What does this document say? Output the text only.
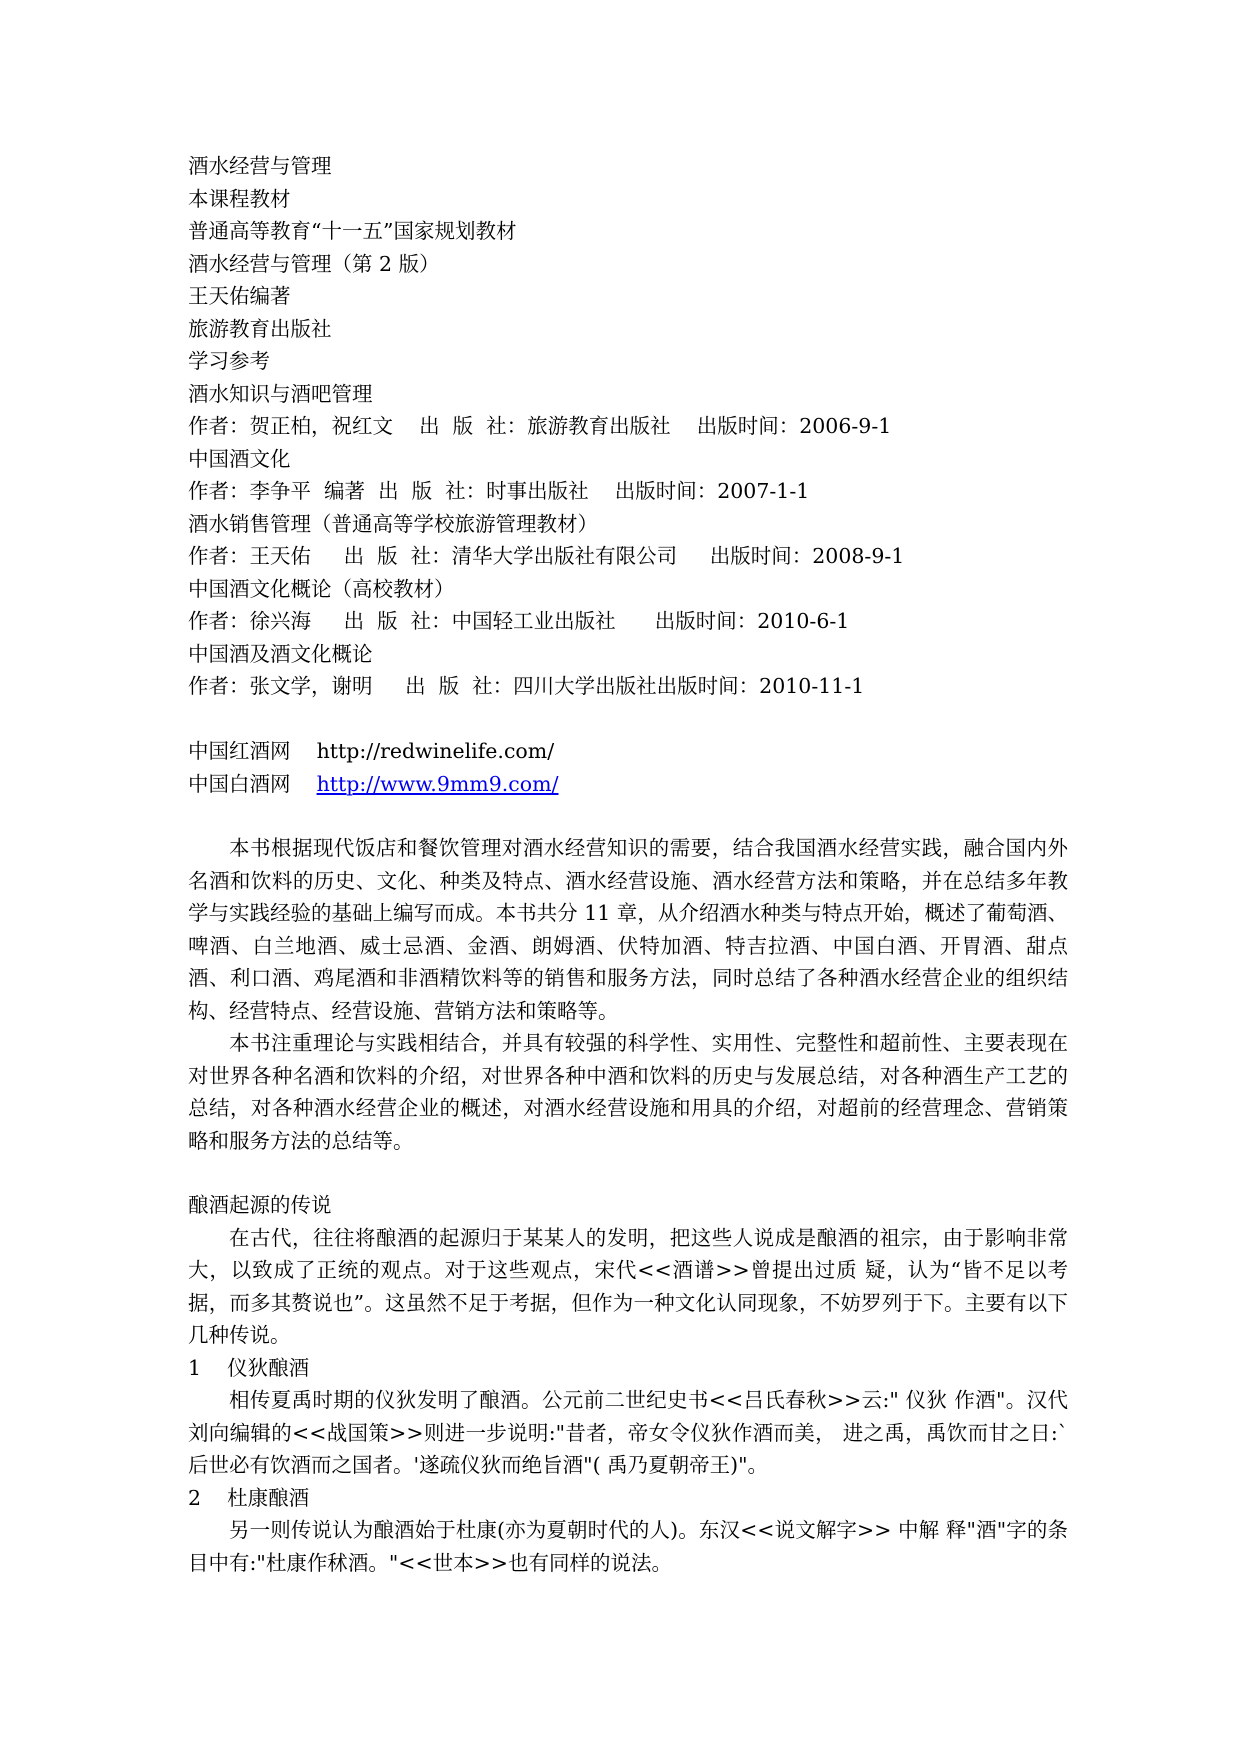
酒水经营与管理

本课程教材

普通高等教育“十一五”国家规划教材

酒水经营与管理（第 2 版）

王天佑编著

旅游教育出版社

学习参考

酒水知识与酒吧管理

作者：贺正柏，祝红文    出  版  社：旅游教育出版社    出版时间：2006-9-1

中国酒文化

作者：李争平  编著  出  版  社：时事出版社    出版时间：2007-1-1

酒水销售管理（普通高等学校旅游管理教材）

作者：王天佑     出  版  社：清华大学出版社有限公司     出版时间：2008-9-1

中国酒文化概论（高校教材）

作者：徐兴海     出  版  社：中国轻工业出版社      出版时间：2010-6-1

中国酒及酒文化概论

作者：张文学，谢明     出  版  社：四川大学出版社出版时间：2010-11-1

中国红酒网 http://redwinelife.com/

中国白酒网 http://www.9mm9.com/

本书根据现代饭店和餐饮管理对酒水经营知识的需要，结合我国酒水经营实践，融合国内外名酒和饮料的历史、文化、种类及特点、酒水经营设施、酒水经营方法和策略，并在总结多年教学与实践经验的基础上编写而成。本书共分 11 章，从介绍酒水种类与特点开始，概述了葡萄酒、啤酒、白兰地酒、威士忌酒、金酒、朗姆酒、伏特加酒、特吉拉酒、中国白酒、开胃酒、甜点酒、利口酒、鸡尾酒和非酒精饮料等的销售和服务方法，同时总结了各种酒水经营企业的组织结构、经营特点、经营设施、营销方法和策略等。

本书注重理论与实践相结合，并具有较强的科学性、实用性、完整性和超前性、主要表现在对世界各种名酒和饮料的介绍，对世界各种中酒和饮料的历史与发展总结，对各种酒生产工艺的总结，对各种酒水经营企业的概述，对酒水经营设施和用具的介绍，对超前的经营理念、营销策略和服务方法的总结等。

酿酒起源的传说

在古代，往往将酿酒的起源归于某某人的发明，把这些人说成是酿酒的祖宗，由于影响非常大，以致成了正统的观点。对于这些观点，宋代<<酒谱>>曾提出过质 疑，认为“皆不足以考据，而多其赘说也”。这虽然不足于考据，但作为一种文化认同现象，不妨罗列于下。主要有以下几种传说。

1    仪狄酿酒

相传夏禹时期的仪狄发明了酿酒。公元前二世纪史书<<吕氏春秋>>云:" 仪狄 作酒"。汉代刘向编辑的<<战国策>>则进一步说明:"昔者，帝女令仪狄作酒而美， 进之禹，禹饮而甘之日:`后世必有饮酒而之国者。'遂疏仪狄而绝旨酒"( 禹乃夏朝帝王)"。

2    杜康酿酒

另一则传说认为酿酒始于杜康(亦为夏朝时代的人)。东汉<<说文解字>> 中解 释"酒"字的条目中有:"杜康作秫酒。"<<世本>>也有同样的说法。
